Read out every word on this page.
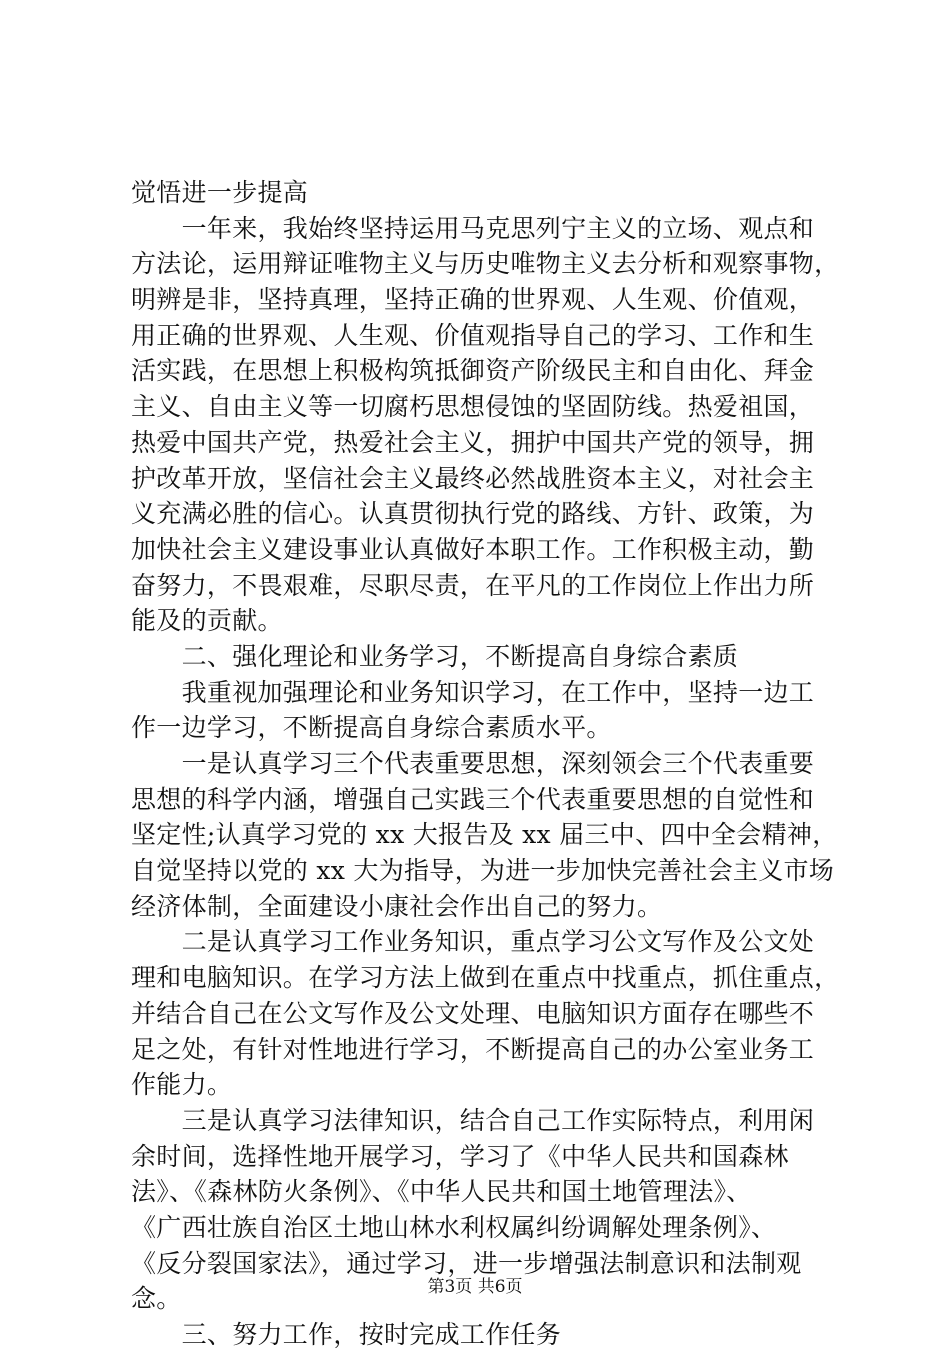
觉悟进一步提高
　　一年来，我始终坚持运用马克思列宁主义的立场、观点和
方法论，运用辩证唯物主义与历史唯物主义去分析和观察事物，
明辨是非，坚持真理，坚持正确的世界观、人生观、价值观，
用正确的世界观、人生观、价值观指导自己的学习、工作和生
活实践，在思想上积极构筑抵御资产阶级民主和自由化、拜金
主义、自由主义等一切腐朽思想侵蚀的坚固防线。热爱祖国，
热爱中国共产党，热爱社会主义，拥护中国共产党的领导，拥
护改革开放，坚信社会主义最终必然战胜资本主义，对社会主
义充满必胜的信心。认真贯彻执行党的路线、方针、政策，为
加快社会主义建设事业认真做好本职工作。工作积极主动，勤
奋努力，不畏艰难，尽职尽责，在平凡的工作岗位上作出力所
能及的贡献。
　　二、强化理论和业务学习，不断提高自身综合素质
　　我重视加强理论和业务知识学习，在工作中，坚持一边工
作一边学习，不断提高自身综合素质水平。
　　一是认真学习三个代表重要思想，深刻领会三个代表重要
思想的科学内涵，增强自己实践三个代表重要思想的自觉性和
坚定性;认真学习党的 xx 大报告及 xx 届三中、四中全会精神，
自觉坚持以党的 xx 大为指导，为进一步加快完善社会主义市场
经济体制，全面建设小康社会作出自己的努力。
　　二是认真学习工作业务知识，重点学习公文写作及公文处
理和电脑知识。在学习方法上做到在重点中找重点，抓住重点，
并结合自己在公文写作及公文处理、电脑知识方面存在哪些不
足之处，有针对性地进行学习，不断提高自己的办公室业务工
作能力。
　　三是认真学习法律知识，结合自己工作实际特点，利用闲
余时间，选择性地开展学习，学习了《中华人民共和国森林
法》、《森林防火条例》、《中华人民共和国土地管理法》、
《广西壮族自治区土地山林水利权属纠纷调解处理条例》、
《反分裂国家法》，通过学习，进一步增强法制意识和法制观
念。
　　三、努力工作，按时完成工作任务
第3页 共6页
